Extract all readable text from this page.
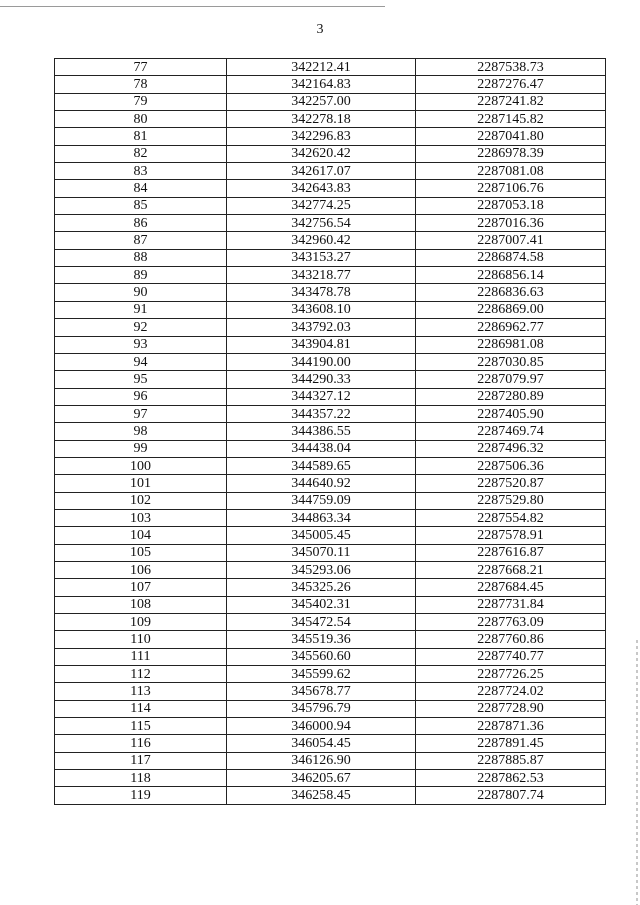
3
77	342212.41	2287538.73
78	342164.83	2287276.47
79	342257.00	2287241.82
80	342278.18	2287145.82
81	342296.83	2287041.80
82	342620.42	2286978.39
83	342617.07	2287081.08
84	342643.83	2287106.76
85	342774.25	2287053.18
86	342756.54	2287016.36
87	342960.42	2287007.41
88	343153.27	2286874.58
89	343218.77	2286856.14
90	343478.78	2286836.63
91	343608.10	2286869.00
92	343792.03	2286962.77
93	343904.81	2286981.08
94	344190.00	2287030.85
95	344290.33	2287079.97
96	344327.12	2287280.89
97	344357.22	2287405.90
98	344386.55	2287469.74
99	344438.04	2287496.32
100	344589.65	2287506.36
101	344640.92	2287520.87
102	344759.09	2287529.80
103	344863.34	2287554.82
104	345005.45	2287578.91
105	345070.11	2287616.87
106	345293.06	2287668.21
107	345325.26	2287684.45
108	345402.31	2287731.84
109	345472.54	2287763.09
110	345519.36	2287760.86
111	345560.60	2287740.77
112	345599.62	2287726.25
113	345678.77	2287724.02
114	345796.79	2287728.90
115	346000.94	2287871.36
116	346054.45	2287891.45
117	346126.90	2287885.87
118	346205.67	2287862.53
119	346258.45	2287807.74
